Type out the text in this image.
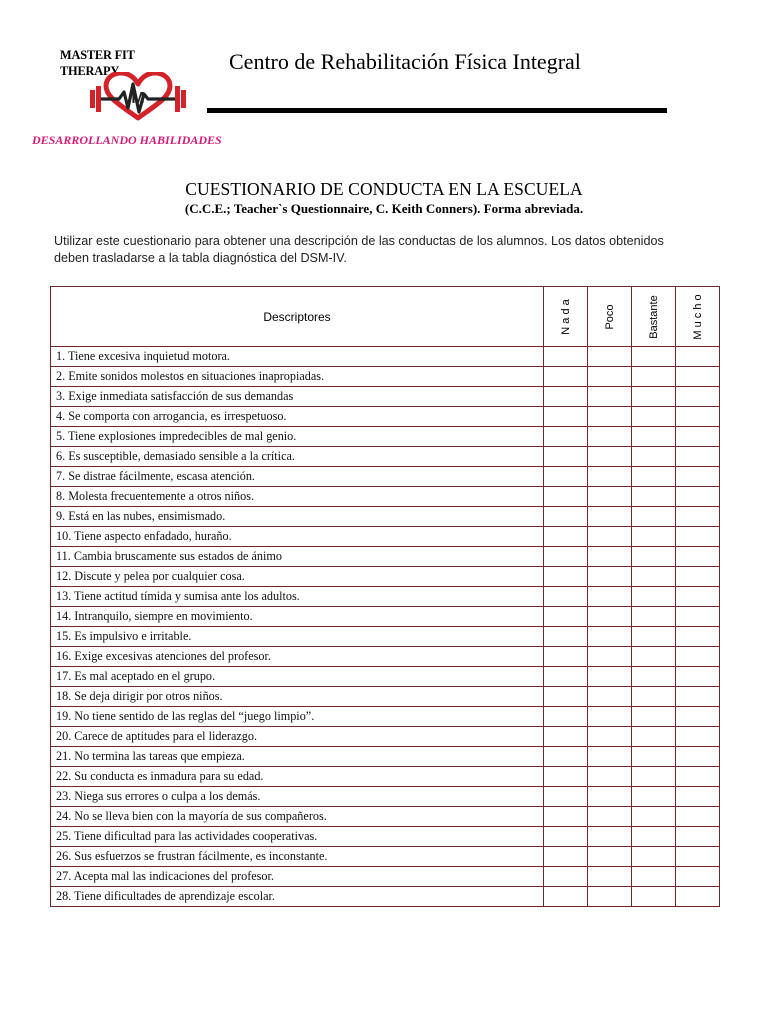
MASTER FIT THERAPY
M
DESARROLLANDO HABILIDADES
Centro de Rehabilitación Física Integral
CUESTIONARIO DE CONDUCTA EN LA ESCUELA
(C.C.E.; Teacher`s Questionnaire, C. Keith Conners). Forma abreviada.
Utilizar este cuestionario para obtener una descripción de las conductas de los alumnos. Los datos obtenidos deben trasladarse a la tabla diagnóstica del DSM-IV.
Descriptores	N a d a	Poco	Bastante	M u c h o

1. Tiene excesiva inquietud motora.				
2. Emite sonidos molestos en situaciones inapropiadas.				
3. Exige inmediata satisfacción de sus demandas				
4. Se comporta con arrogancia, es irrespetuoso.				
5. Tiene explosiones impredecibles de mal genio.				
6. Es susceptible, demasiado sensible a la crítica.				
7. Se distrae fácilmente, escasa atención.				
8. Molesta frecuentemente a otros niños.				
9. Está en las nubes, ensimismado.				
10. Tiene aspecto enfadado, huraño.				
11. Cambia bruscamente sus estados de ánimo				
12. Discute y pelea por cualquier cosa.				
13. Tiene actitud tímida y sumisa ante los adultos.				
14. Intranquilo, siempre en movimiento.				
15. Es impulsivo e irritable.				
16. Exige excesivas atenciones del profesor.				
17. Es mal aceptado en el grupo.				
18. Se deja dirigir por otros niños.				
19. No tiene sentido de las reglas del “juego limpio”.				
20. Carece de aptitudes para el liderazgo.				
21. No termina las tareas que empieza.				
22. Su conducta es inmadura para su edad.				
23. Niega sus errores o culpa a los demás.				
24. No se lleva bien con la mayoría de sus compañeros.				
25. Tiene dificultad para las actividades cooperativas.				
26. Sus esfuerzos se frustran fácilmente, es inconstante.				
27. Acepta mal las indicaciones del profesor.				
28. Tiene dificultades de aprendizaje escolar.				
